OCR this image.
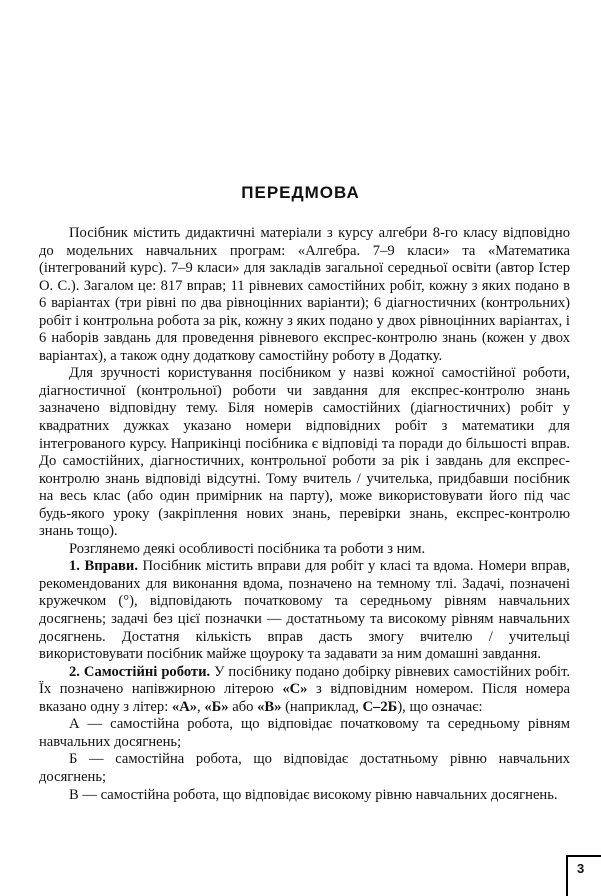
ПЕРЕДМОВА

Посібник містить дидактичні матеріали з курсу алгебри 8-го класу відповідно до модельних навчальних програм: «Алгебра. 7–9 класи» та «Математика (інтегрований курс). 7–9 класи» для закладів загальної середньої освіти (автор Істер О. С.). Загалом це: 817 вправ; 11 рівневих самостійних робіт, кожну з яких подано в 6 варіантах (три рівні по два рівноцінних варіанти); 6 діагностичних (контрольних) робіт і контрольна робота за рік, кожну з яких подано у двох рівноцінних варіантах, і 6 наборів завдань для проведення рівневого експрес-контролю знань (кожен у двох варіантах), а також одну додаткову самостійну роботу в Додатку.

Для зручності користування посібником у назві кожної самостійної роботи, діагностичної (контрольної) роботи чи завдання для експрес-контролю знань зазначено відповідну тему. Біля номерів самостійних (діагностичних) робіт у квадратних дужках указано номери відповідних робіт з математики для інтегрованого курсу. Наприкінці посібника є відповіді та поради до більшості вправ. До самостійних, діагностичних, контрольної роботи за рік і завдань для експрес-контролю знань відповіді відсутні. Тому вчитель / учителька, придбавши посібник на весь клас (або один примірник на парту), може використовувати його під час будь-якого уроку (закріплення нових знань, перевірки знань, експрес-контролю знань тощо).

Розглянемо деякі особливості посібника та роботи з ним.

1. Вправи. Посібник містить вправи для робіт у класі та вдома. Номери вправ, рекомендованих для виконання вдома, позначено на темному тлі. Задачі, позначені кружечком (°), відповідають початковому та середньому рівням навчальних досягнень; задачі без цієї позначки — достатньому та високому рівням навчальних досягнень. Достатня кількість вправ дасть змогу вчителю / учительці використовувати посібник майже щоуроку та задавати за ним домашні завдання.

2. Самостійні роботи. У посібнику подано добірку рівневих самостійних робіт. Їх позначено напівжирною літерою «С» з відповідним номером. Після номера вказано одну з літер: «А», «Б» або «В» (наприклад, С–2Б), що означає:

А — самостійна робота, що відповідає початковому та середньому рівням навчальних досягнень;

Б — самостійна робота, що відповідає достатньому рівню навчальних досягнень;

В — самостійна робота, що відповідає високому рівню навчальних досягнень.

3
